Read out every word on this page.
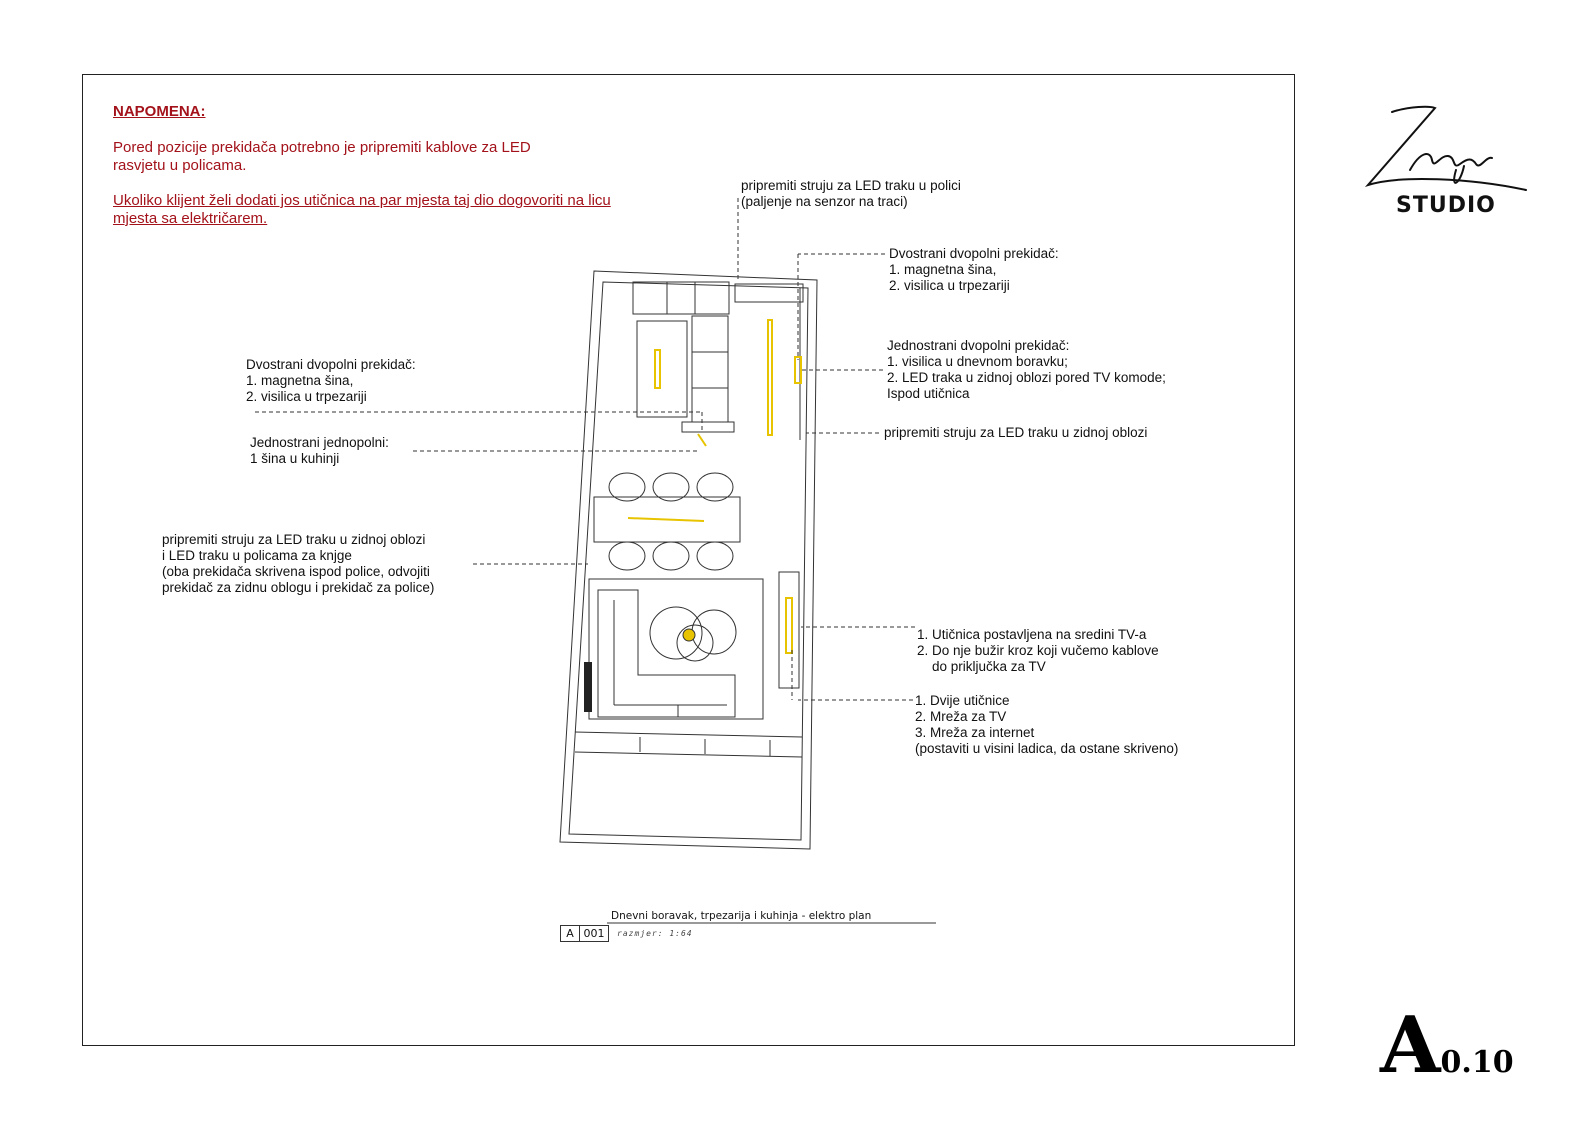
NAPOMENA:
Pored pozicije prekidača potrebno je pripremiti kablove za LED rasvjetu u policama.
Ukoliko klijent želi dodati jos utičnica na par mjesta taj dio dogovoriti na licu mjesta sa električarem.
pripremiti struju za LED traku u polici
(paljenje na senzor na traci)
Dvostrani dvopolni prekidač:
1. magnetna šina,
2. visilica u trpezariji
Jednostrani dvopolni prekidač:
1. visilica u dnevnom boravku;
2. LED traka u zidnoj oblozi pored TV komode;
Ispod utičnica
Dvostrani dvopolni prekidač:
1. magnetna šina,
2. visilica u trpezariji
Jednostrani jednopolni:
1 šina u kuhinji
pripremiti struju za LED traku u zidnoj oblozi
pripremiti struju za LED traku u zidnoj oblozi
i LED traku u policama za knjge
(oba prekidača skrivena ispod police, odvojiti
prekidač za zidnu oblogu i prekidač za police)

1. Utičnica postavljena na sredini TV-a
2. Do nje bužir kroz koji vučemo kablove
do priključka za TV

1. Dvije utičnice
2. Mreža za TV
3. Mreža za internet
(postaviti u visini ladica, da ostane skriveno)
Dnevni boravak, trpezarija i kuhinja - elektro plan
A 001	razmjer: 1:64
Zinger
STUDIO
A0.10
